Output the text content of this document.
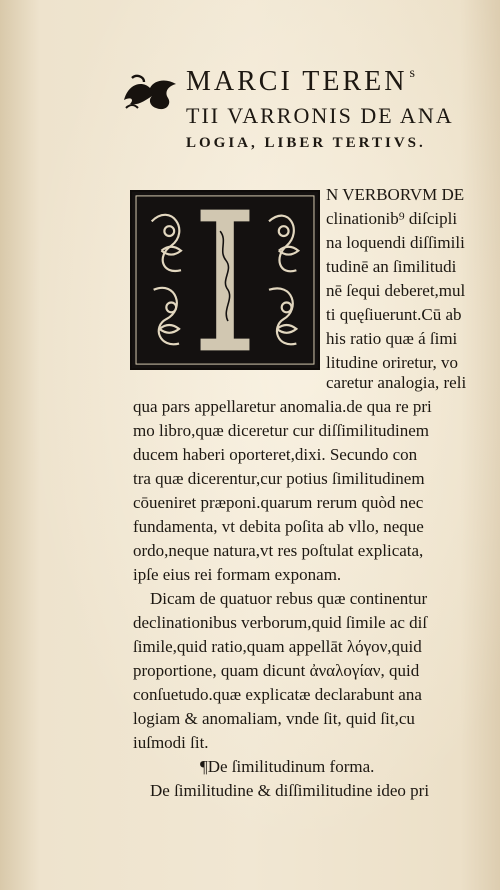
MARCI TEREN $^s$
TII VARRONIS DE ANA
LOGIA, LIBER TERTIVS.
N VERBORVM DE
clinationib⁹ diſcipli
na loquendi diſſimili
tudinē an ſimilitudi
nē ſequi deberet,mul
ti quęſiuerunt.Cū ab
his ratio quæ á ſimi
litudine oriretur, vo
caretur analogia, reli
qua pars appellaretur anomalia.de qua re pri
mo libro,quæ diceretur cur diſſimilitudinem
ducem haberi oporteret,dixi. Secundo con
tra quæ dicerentur,cur potius ſimilitudinem
cōueniret præponi.quarum rerum quòd nec
fundamenta, vt debita poſita ab vllo, neque
ordo,neque natura,vt res poſtulat explicata,
ipſe eius rei formam exponam.
Dicam de quatuor rebus quæ continentur
declinationibus verborum,quid ſimile ac diſ
ſimile,quid ratio,quam appellāt λόγον,quid
proportione, quam dicunt ἀναλογίαν, quid
conſuetudo.quæ explicatæ declarabunt ana
logiam & anomaliam, vnde ſit, quid ſit,cu
iuſmodi ſit.
¶De ſimilitudinum forma.
De ſimilitudine & diſſimilitudine ideo pri
